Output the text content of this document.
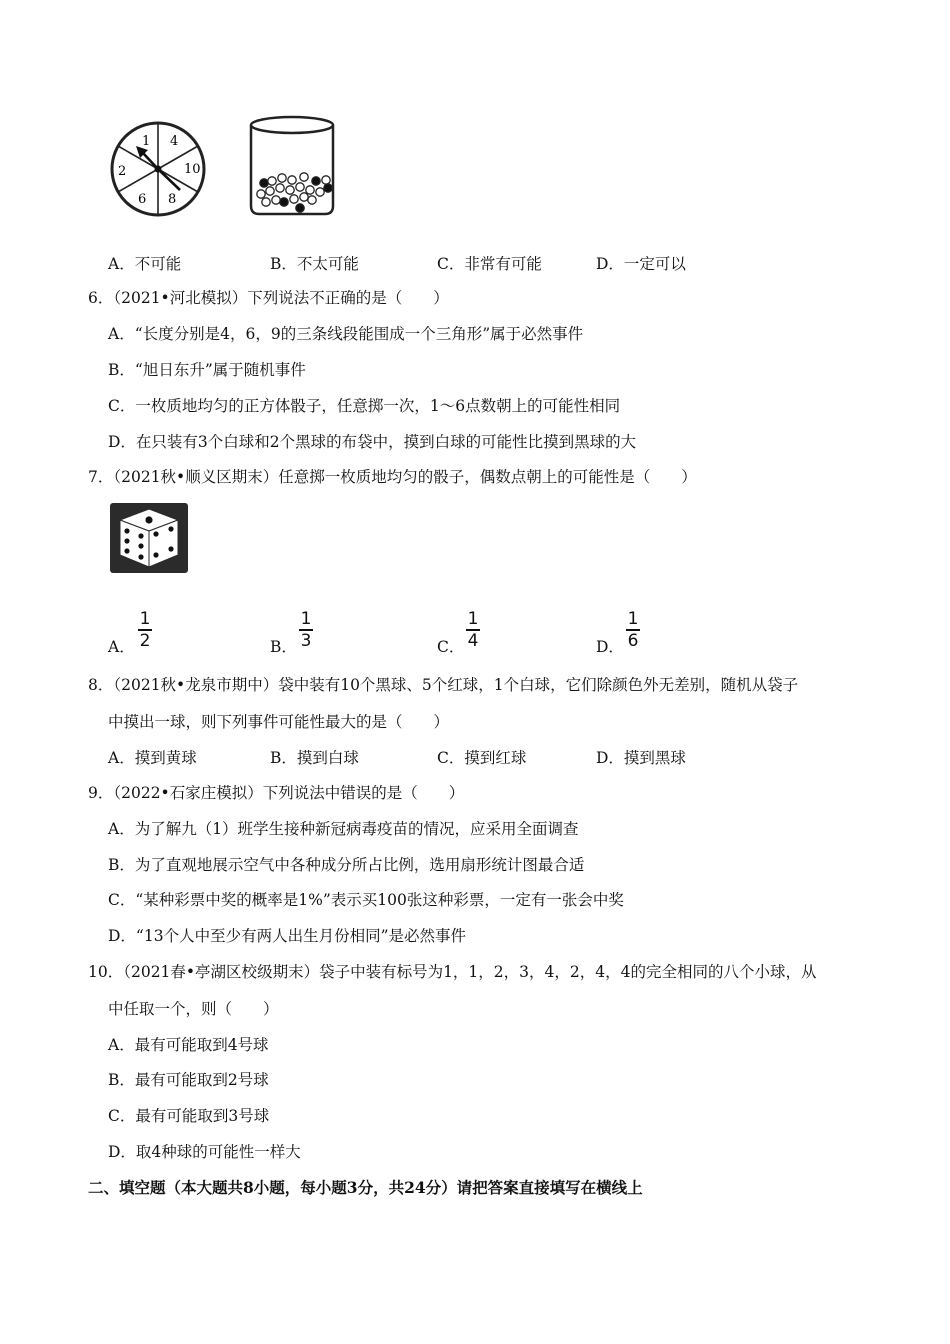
1 4
10
8
6
2
A．不可能	B．不太可能	C．非常有可能	D．一定可以
6．（2021•河北模拟）下列说法不正确的是（　　）
A．“长度分别是4，6，9的三条线段能围成一个三角形”属于必然事件
B．“旭日东升”属于随机事件
C．一枚质地均匀的正方体骰子，任意掷一次，1～6点数朝上的可能性相同
D．在只装有3个白球和2个黑球的布袋中，摸到白球的可能性比摸到黑球的大
7．（2021秋•顺义区期末）任意掷一枚质地均匀的骰子，偶数点朝上的可能性是（　　）
A．
1
2	B．
1
3	C．
1
4	D．
1
6
8．（2021秋•龙泉市期中）袋中装有10个黑球、5个红球，1个白球，它们除颜色外无差别，随机从袋子
中摸出一球，则下列事件可能性最大的是（　　）
A．摸到黄球	B．摸到白球	C．摸到红球	D．摸到黑球
9．（2022•石家庄模拟）下列说法中错误的是（　　）
A．为了解九（1）班学生接种新冠病毒疫苗的情况，应采用全面调查
B．为了直观地展示空气中各种成分所占比例，选用扇形统计图最合适
C．“某种彩票中奖的概率是1%”表示买100张这种彩票，一定有一张会中奖
D．“13个人中至少有两人出生月份相同”是必然事件
10．（2021春•亭湖区校级期末）袋子中装有标号为1，1，2，3，4，2，4，4的完全相同的八个小球，从
中任取一个，则（　　）
A．最有可能取到4号球
B．最有可能取到2号球
C．最有可能取到3号球
D．取4种球的可能性一样大
二、填空题（本大题共8小题，每小题3分，共24分）请把答案直接填写在横线上
